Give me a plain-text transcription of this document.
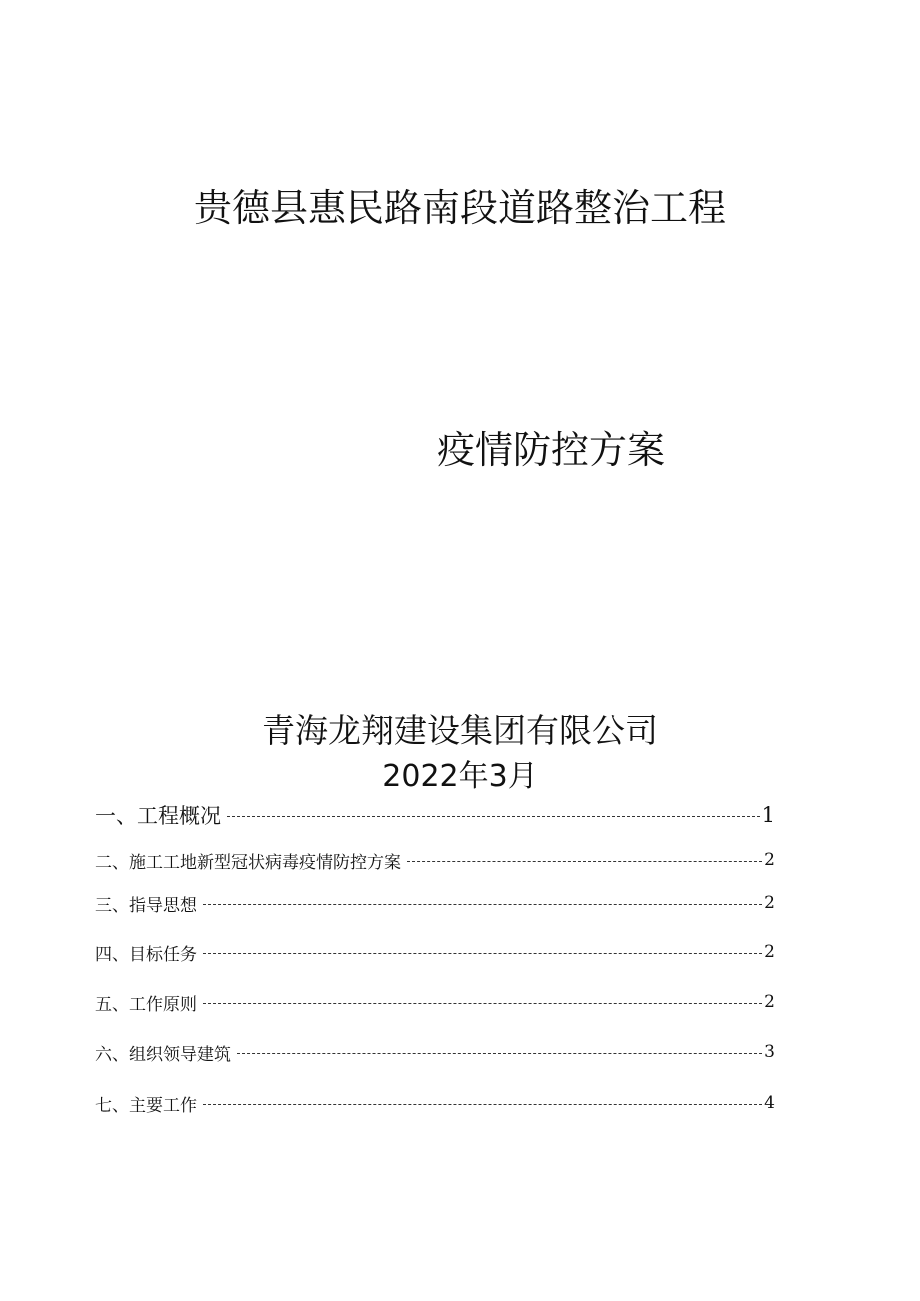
贵德县惠民路南段道路整治工程
疫情防控方案
青海龙翔建设集团有限公司
2022年3月
一、工程概况	1
二、施工工地新型冠状病毒疫情防控方案	2
三、指导思想	2
四、目标任务	2
五、工作原则	2
六、组织领导建筑	3
七、主要工作	4
